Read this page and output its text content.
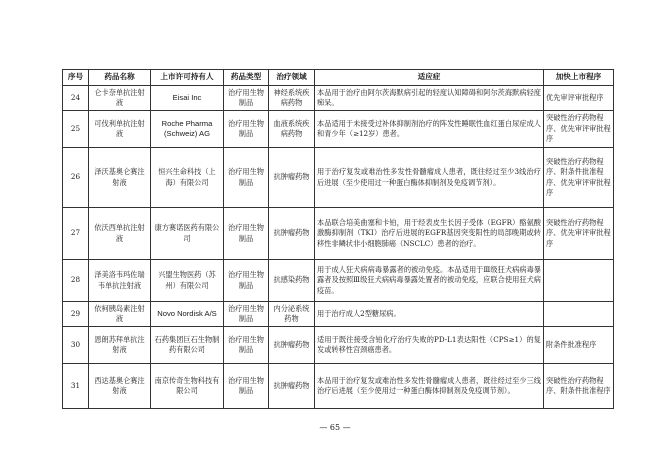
序号	药品名称	上市许可持有人	药品类型	治疗领域	适应症	加快上市程序
24	仑卡奈单抗注射液	Eisai Inc	治疗用生物制品	神经系统疾病药物	本品用于治疗由阿尔茨海默病引起的轻度认知障碍和阿尔茨海默病轻度痴呆。	优先审评审批程序
25	可伐利单抗注射液	Roche Pharma (Schweiz) AG	治疗用生物制品	血液系统疾病药物	本品适用于未接受过补体抑制剂治疗的阵发性睡眠性血红蛋白尿症成人和青少年（≥12岁）患者。	突破性治疗药物程序、优先审评审批程序
26	泽沃基奥仑赛注射液	恒兴生命科技（上海）有限公司	治疗用生物制品	抗肿瘤药物	用于治疗复发或难治性多发性骨髓瘤成人患者，既往经过至少3线治疗后进展（至少使用过一种蛋白酶体抑制剂及免疫调节剂）。	突破性治疗药物程序、附条件批准程序、优先审评审批程序
27	依沃西单抗注射液	康方赛诺医药有限公司	治疗用生物制品	抗肿瘤药物	本品联合培美曲塞和卡铂，用于经表皮生长因子受体（EGFR）酪氨酸激酶抑制剂（TKI）治疗后进展的EGFR基因突变阳性的局部晚期或转移性非鳞状非小细胞肺癌（NSCLC）患者的治疗。	突破性治疗药物程序、优先审评审批程序
28	泽美洛韦玛佐瑞韦单抗注射液	兴盟生物医药（苏州）有限公司	治疗用生物制品	抗感染药物	用于成人狂犬病病毒暴露者的被动免疫。本品适用于Ⅲ级狂犬病病毒暴露者及按照Ⅲ级狂犬病病毒暴露处置者的被动免疫，应联合使用狂犬病疫苗。	
29	依柯胰岛素注射液	Novo Nordisk A/S	治疗用生物制品	内分泌系统药物	用于治疗成人2型糖尿病。	
30	恩朗苏拜单抗注射液	石药集团巨石生物制药有限公司	治疗用生物制品	抗肿瘤药物	适用于既往接受含铂化疗治疗失败的PD-L1表达阳性（CPS≥1）的复发或转移性宫颈癌患者。	附条件批准程序
31	西达基奥仑赛注射液	南京传奇生物科技有限公司	治疗用生物制品	抗肿瘤药物	本品用于治疗复发或难治性多发性骨髓瘤成人患者，既往经过至少三线治疗后进展（至少使用过一种蛋白酶体抑制剂及免疫调节剂）。	突破性治疗药物程序、附条件批准程序
— 65 —
